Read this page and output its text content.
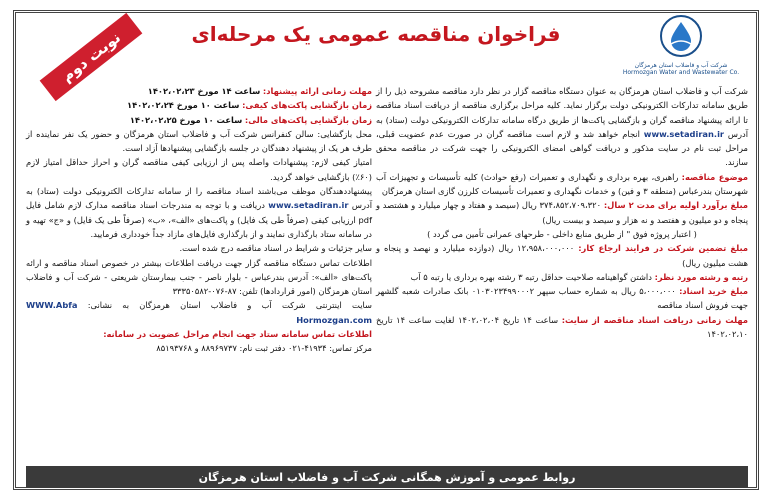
نوبت دوم	شرکت آب و فاضلاب استان هرمزگان
Hormozgan Water and Wastewater Co.
فراخوان مناقصه عمومی یک مرحله‌ای

شرکت آب و فاضلاب استان هرمزگان به عنوان دستگاه مناقصه گزار در نظر دارد مناقصه مشروحه ذیل را از طریق سامانه تدارکات الکترونیکی دولت برگزار نماید. کلیه مراحل برگزاری مناقصه از دریافت اسناد مناقصه تا ارائه پیشنهاد مناقصه گران و بازگشایی پاکت‌ها از طریق درگاه سامانه تدارکات الکترونیکی دولت (ستاد) به آدرس www.setadiran.ir انجام خواهد شد و لازم است مناقصه گران در صورت عدم عضویت قبلی، مراحل ثبت نام در سایت مذکور و دریافت گواهی امضای الکترونیکی را جهت شرکت در مناقصه محقق سازند.

موضوع مناقصه: راهبری، بهره برداری و نگهداری و تعمیرات (رفع حوادث) کلیه تأسیسات و تجهیزات آب شهرستان بندرعباس (منطقه ۳ و فین) و خدمات نگهداری و تعمیرات تأسیسات کلرزن گازی استان هرمزگان

مبلغ برآورد اولیه برای مدت ۲ سال: ۳۷۴،۸۵۲،۷۰۹،۳۲۰ ریال (سیصد و هفتاد و چهار میلیارد و هشتصد و پنجاه و دو میلیون و هفتصد و نه هزار و سیصد و بیست ریال)

( اعتبار پروژه فوق " از طریق منابع داخلی - طرحهای عمرانی تأمین می گردد )

مبلغ تضمین شرکت در فرایند ارجاع کار: ۱۲،۹۵۸،۰۰۰،۰۰۰ ریال (دوازده میلیارد و نهصد و پنجاه و هشت میلیون ریال)

رتبه و رشته مورد نظر: داشتن گواهینامه صلاحیت حداقل رتبه ۳ رشته بهره برداری یا رتبه ۵ آب

مبلغ خرید اسناد: ۵،۰۰۰،۰۰۰ ریال به شماره حساب سپهر ۰۱۰۳۰۲۳۴۹۹۰۰۰۲ بانک صادرات شعبه گلشهر جهت فروش اسناد مناقصه

مهلت زمانی دریافت اسناد مناقصه از سایت: ساعت ۱۴ تاریخ ۱۴۰۲،۰۲،۰۴ لغایت ساعت ۱۴ تاریخ ۱۴۰۲،۰۲،۱۰

مهلت زمانی ارائه پیشنهاد: ساعت ۱۴ مورخ ۱۴۰۲،۰۲،۲۳

زمان بازگشایی پاکت‌های کیفی: ساعت ۱۰ مورخ ۱۴۰۲،۰۲،۲۴

زمان بازگشایی پاکت‌های مالی: ساعت ۱۰ مورخ ۱۴۰۲،۰۲،۲۵

محل بازگشایی: سالن کنفرانس شرکت آب و فاضلاب استان هرمزگان و حضور یک نفر نماینده از طرف هر یک از پیشنهاد دهندگان در جلسه بازگشایی پیشنهادها آزاد است.

امتیاز کیفی لازم: پیشنهادات واصله پس از ارزیابی کیفی مناقصه گران و احراز حداقل امتیاز لازم (۶۰٪) بازگشایی خواهد گردید.

پیشنهاددهندگان موظف می‌باشند اسناد مناقصه را از سامانه تدارکات الکترونیکی دولت (ستاد) به آدرس www.setadiran.ir دریافت و با توجه به مندرجات اسناد مناقصه مدارک لازم شامل فایل pdf ارزیابی کیفی (صرفاً طی یک فایل) و پاکت‌های «الف»، «ب» (صرفاً طی یک فایل) و «ج» تهیه و در سامانه ستاد بارگذاری نمایند و از بارگذاری فایل‌های مازاد جداً خودداری فرمایید.

سایر جزئیات و شرایط در اسناد مناقصه درج شده است.

اطلاعات تماس دستگاه مناقصه گزار جهت دریافت اطلاعات بیشتر در خصوص اسناد مناقصه و ارائه پاکت‌های «الف»: آدرس بندرعباس - بلوار ناصر - جنب بیمارستان شریعتی - شرکت آب و فاضلاب استان هرمزگان (امور قراردادها) تلفن: ۸۷-۰۷۶-۳۳۳۵۰۵۸۲

سایت اینترنتی شرکت آب و فاضلاب استان هرمزگان به نشانی: WWW.Abfa Hormozgan.com

اطلاعات تماس سامانه ستاد جهت انجام مراحل عضویت در سامانه:

مرکز تماس: ۴۱۹۳۴-۰۲۱ دفتر ثبت نام: ۸۸۹۶۹۷۳۷ و ۸۵۱۹۳۷۶۸

روابط عمومی و آموزش همگانی شرکت آب و فاضلاب استان هرمزگان
